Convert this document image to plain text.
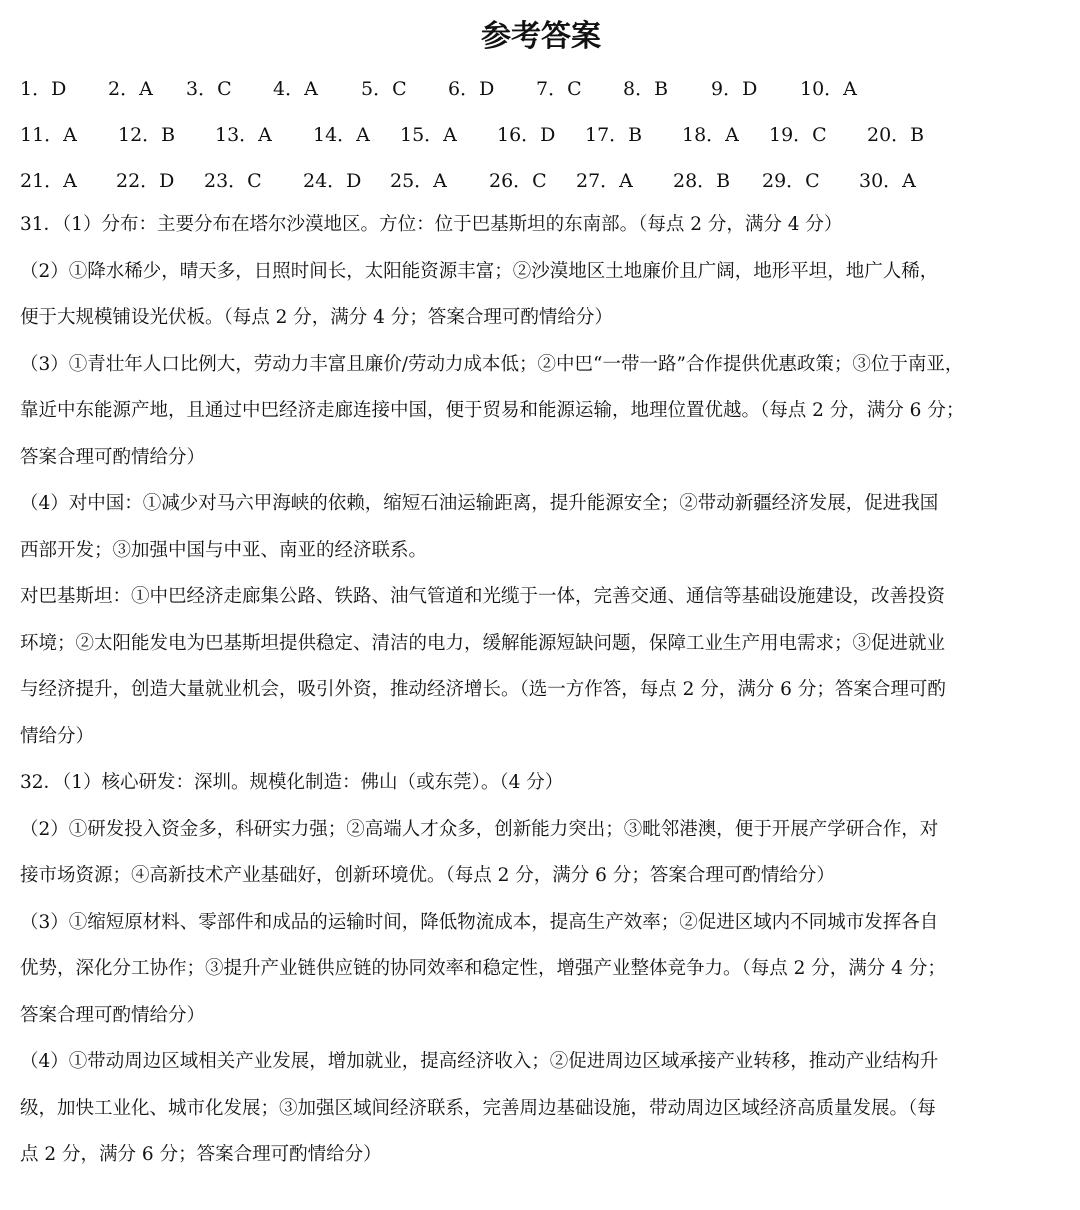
参考答案
1．D	2．A	3．C	4．A	5．C	6．D	7．C	8．B	9．D	10．A
11．A	12．B	13．A	14．A	15．A	16．D	17．B	18．A	19．C	20．B
21．A	22．D	23．C	24．D	25．A	26．C	27．A	28．B	29．C	30．A
31．（1）分布：主要分布在塔尔沙漠地区。方位：位于巴基斯坦的东南部。（每点 2 分，满分 4 分）
（2）①降水稀少，晴天多，日照时间长，太阳能资源丰富；②沙漠地区土地廉价且广阔，地形平坦，地广人稀，
便于大规模铺设光伏板。（每点 2 分，满分 4 分；答案合理可酌情给分）
（3）①青壮年人口比例大，劳动力丰富且廉价/劳动力成本低；②中巴“一带一路”合作提供优惠政策；③位于南亚，
靠近中东能源产地，且通过中巴经济走廊连接中国，便于贸易和能源运输，地理位置优越。（每点 2 分，满分 6 分；
答案合理可酌情给分）
（4）对中国：①减少对马六甲海峡的依赖，缩短石油运输距离，提升能源安全；②带动新疆经济发展，促进我国
西部开发；③加强中国与中亚、南亚的经济联系。
对巴基斯坦：①中巴经济走廊集公路、铁路、油气管道和光缆于一体，完善交通、通信等基础设施建设，改善投资
环境；②太阳能发电为巴基斯坦提供稳定、清洁的电力，缓解能源短缺问题，保障工业生产用电需求；③促进就业
与经济提升，创造大量就业机会，吸引外资，推动经济增长。（选一方作答，每点 2 分，满分 6 分；答案合理可酌
情给分）
32．（1）核心研发：深圳。规模化制造：佛山（或东莞）。（4 分）
（2）①研发投入资金多，科研实力强；②高端人才众多，创新能力突出；③毗邻港澳，便于开展产学研合作，对
接市场资源；④高新技术产业基础好，创新环境优。（每点 2 分，满分 6 分；答案合理可酌情给分）
（3）①缩短原材料、零部件和成品的运输时间，降低物流成本，提高生产效率；②促进区域内不同城市发挥各自
优势，深化分工协作；③提升产业链供应链的协同效率和稳定性，增强产业整体竞争力。（每点 2 分，满分 4 分；
答案合理可酌情给分）
（4）①带动周边区域相关产业发展，增加就业，提高经济收入；②促进周边区域承接产业转移，推动产业结构升
级，加快工业化、城市化发展；③加强区域间经济联系，完善周边基础设施，带动周边区域经济高质量发展。（每
点 2 分，满分 6 分；答案合理可酌情给分）
